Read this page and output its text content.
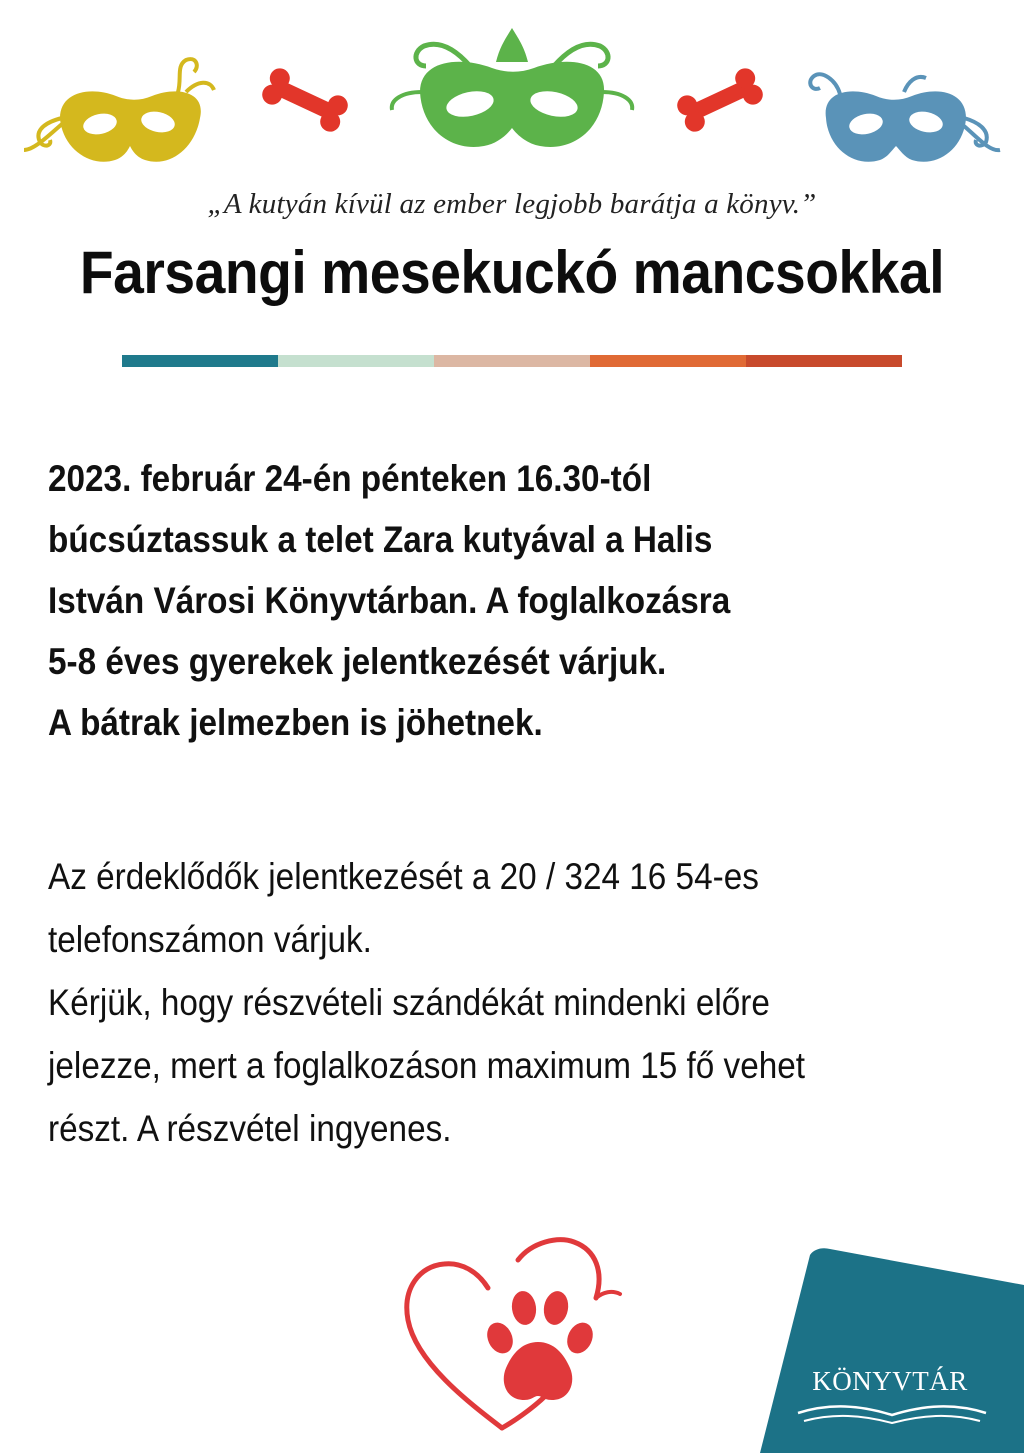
„A kutyán kívül az ember legjobb barátja a könyv.”
Farsangi mesekuckó mancsokkal
2023. február 24-én pénteken 16.30-tól
búcsúztassuk a telet Zara kutyával a Halis
István Városi Könyvtárban. A foglalkozásra
5-8 éves gyerekek jelentkezését várjuk.
A bátrak jelmezben is jöhetnek.
Az érdeklődők jelentkezését a 20 / 324 16 54-es
telefonszámon várjuk.
Kérjük, hogy részvételi szándékát mindenki előre
jelezze, mert a foglalkozáson maximum 15 fő vehet
részt. A részvétel ingyenes.
KÖNYVTÁR
